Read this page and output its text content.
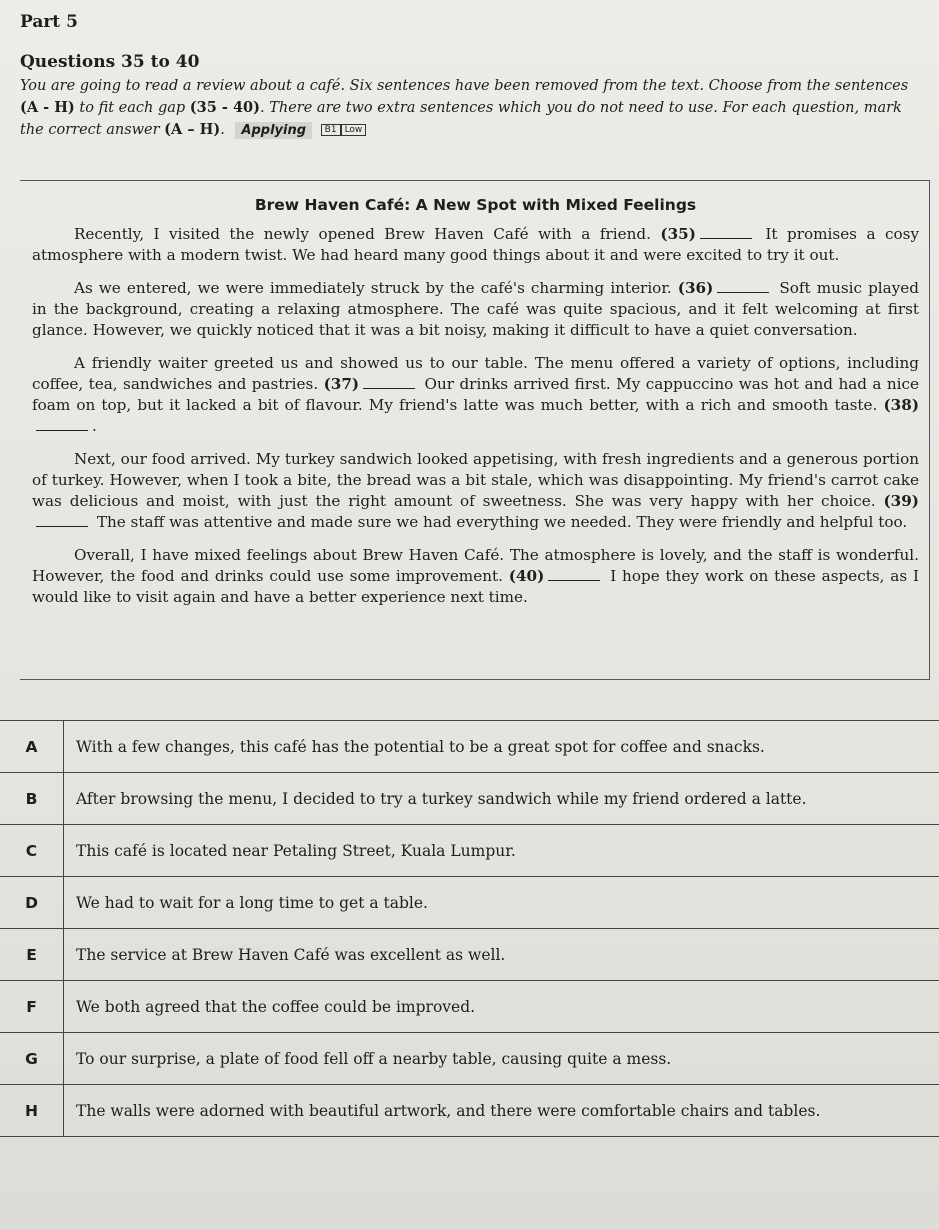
Part 5
Questions 35 to 40
You are going to read a review about a café. Six sentences have been removed from the text. Choose from the sentences (A - H) to fit each gap (35 - 40). There are two extra sentences which you do not need to use. For each question, mark the correct answer (A – H). Applying B1 Low
Brew Haven Café: A New Spot with Mixed Feelings

Recently, I visited the newly opened Brew Haven Café with a friend. (35)	It promises a cosy atmosphere with a modern twist. We had heard many good things about it and were excited to try it out.

As we entered, we were immediately struck by the café's charming interior. (36)	Soft music played in the background, creating a relaxing atmosphere. The café was quite spacious, and it felt welcoming at first glance. However, we quickly noticed that it was a bit noisy, making it difficult to have a quiet conversation.

A friendly waiter greeted us and showed us to our table. The menu offered a variety of options, including coffee, tea, sandwiches and pastries. (37)	Our drinks arrived first. My cappuccino was hot and had a nice foam on top, but it lacked a bit of flavour. My friend's latte was much better, with a rich and smooth taste. (38).

Next, our food arrived. My turkey sandwich looked appetising, with fresh ingredients and a generous portion of turkey. However, when I took a bite, the bread was a bit stale, which was disappointing. My friend's carrot cake was delicious and moist, with just the right amount of sweetness. She was very happy with her choice. (39) The staff was attentive and made sure we had everything we needed. They were friendly and helpful too.

Overall, I have mixed feelings about Brew Haven Café. The atmosphere is lovely, and the staff is wonderful. However, the food and drinks could use some improvement. (40)	I hope they work on these aspects, as I would like to visit again and have a better experience next time.

A	With a few changes, this café has the potential to be a great spot for coffee and snacks.
B	After browsing the menu, I decided to try a turkey sandwich while my friend ordered a latte.
C	This café is located near Petaling Street, Kuala Lumpur.
D	We had to wait for a long time to get a table.
E	The service at Brew Haven Café was excellent as well.
F	We both agreed that the coffee could be improved.
G	To our surprise, a plate of food fell off a nearby table, causing quite a mess.
H	The walls were adorned with beautiful artwork, and there were comfortable chairs and tables.
